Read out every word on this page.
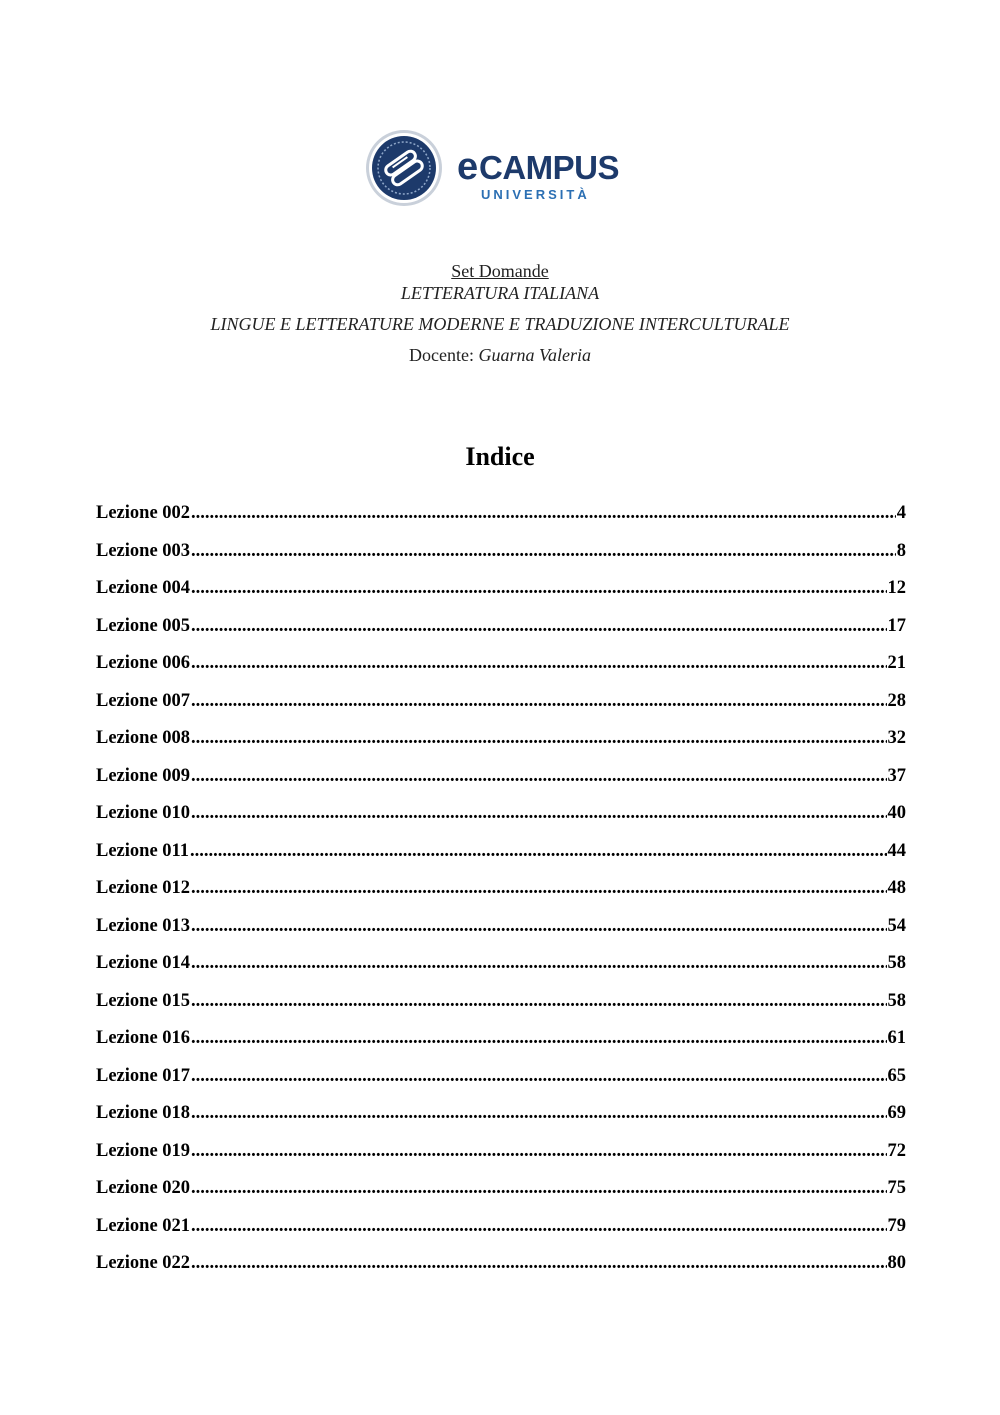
e CAMPUS
UNIVERSITÀ
Set Domande
LETTERATURA ITALIANA
LINGUE E LETTERATURE MODERNE E TRADUZIONE INTERCULTURALE
Docente: Guarna Valeria
Indice
Lezione 002 .....	4
Lezione 003 .....	8
Lezione 004 .....	12
Lezione 005 .....	17
Lezione 006 .....	21
Lezione 007 .....	28
Lezione 008 .....	32
Lezione 009 .....	37
Lezione 010 .....	40
Lezione 011 .....	44
Lezione 012 .....	48
Lezione 013 .....	54
Lezione 014 .....	58
Lezione 015 .....	58
Lezione 016 .....	61
Lezione 017 .....	65
Lezione 018 .....	69
Lezione 019 .....	72
Lezione 020 .....	75
Lezione 021 .....	79
Lezione 022 .....	80
